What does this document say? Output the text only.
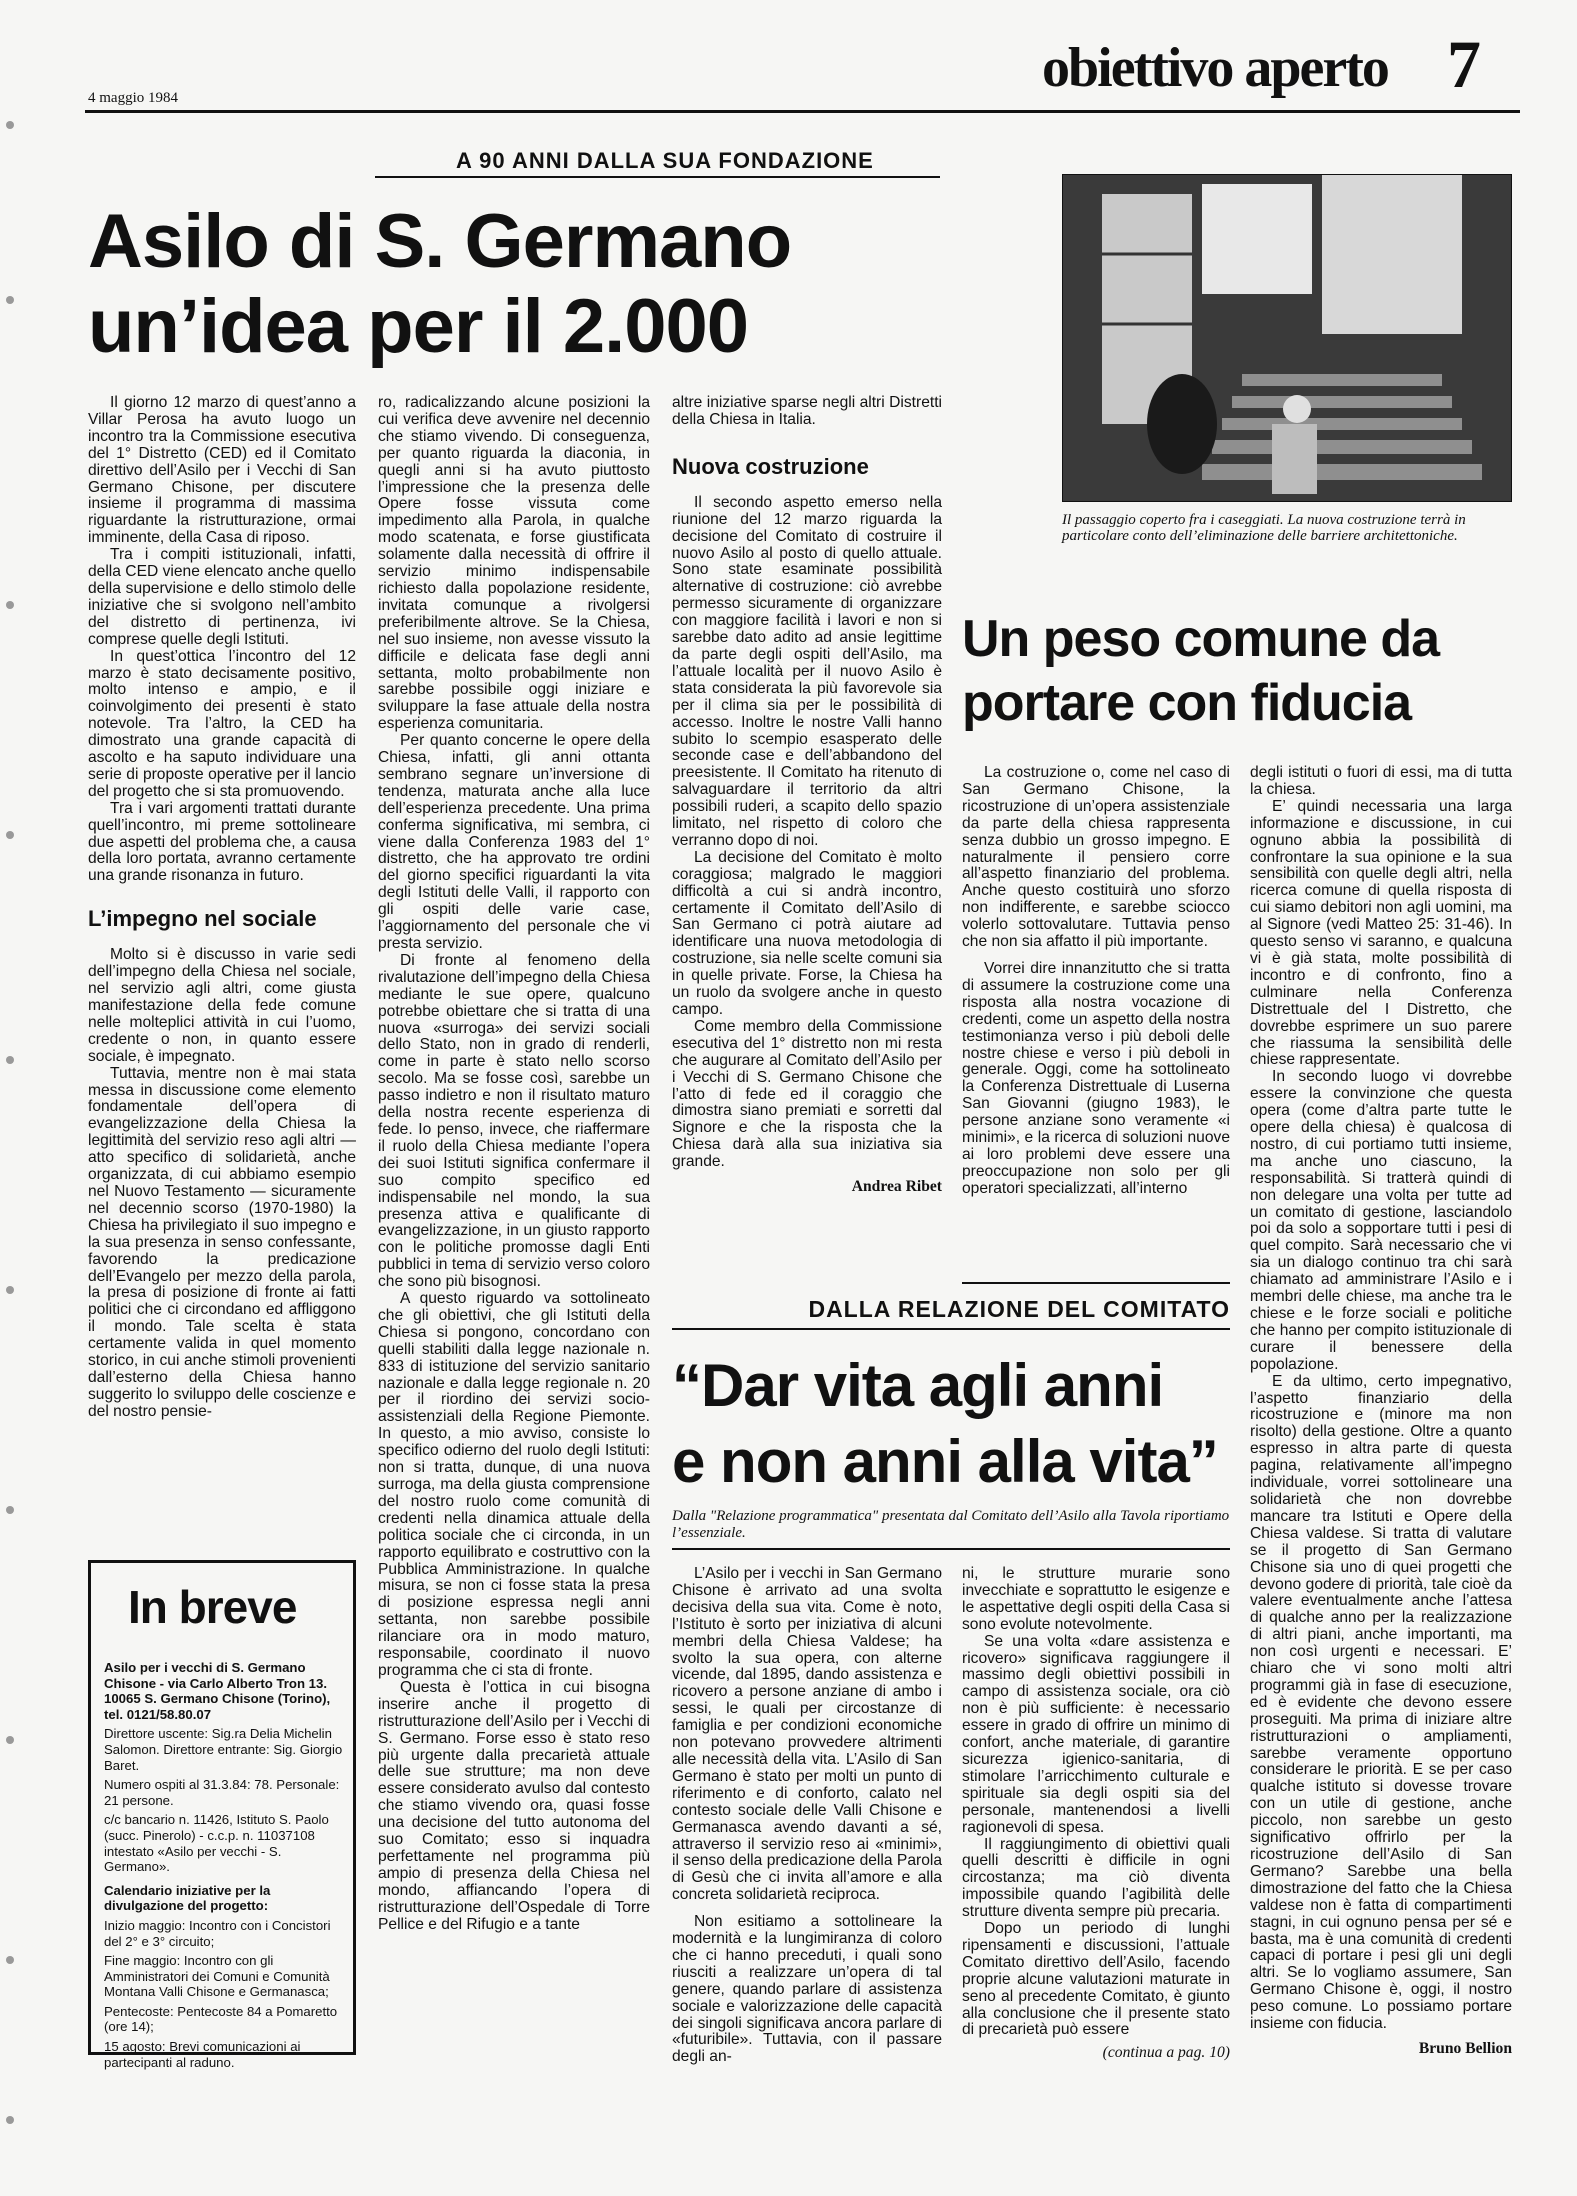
4 maggio 1984	obiettivo aperto 7
A 90 ANNI DALLA SUA FONDAZIONE
Asilo di S. Germano
un’idea per il 2.000

Il giorno 12 marzo di quest’anno a Villar Perosa ha avuto luogo un incontro tra la Commissione esecutiva del 1° Distretto (CED) ed il Comitato direttivo dell’Asilo per i Vecchi di San Germano Chisone, per discutere insieme il programma di massima riguardante la ristrutturazione, ormai imminente, della Casa di riposo.

Tra i compiti istituzionali, infatti, della CED viene elencato anche quello della supervisione e dello stimolo delle iniziative che si svolgono nell’ambito del distretto di pertinenza, ivi comprese quelle degli Istituti.

In quest’ottica l’incontro del 12 marzo è stato decisamente positivo, molto intenso e ampio, e il coinvolgimento dei presenti è stato notevole. Tra l’altro, la CED ha dimostrato una grande capacità di ascolto e ha saputo individuare una serie di proposte operative per il lancio del progetto che si sta promuovendo.

Tra i vari argomenti trattati durante quell’incontro, mi preme sottolineare due aspetti del problema che, a causa della loro portata, avranno certamente una grande risonanza in futuro.

L’impegno nel sociale

Molto si è discusso in varie sedi dell’impegno della Chiesa nel sociale, nel servizio agli altri, come giusta manifestazione della fede comune nelle molteplici attività in cui l’uomo, credente o non, in quanto essere sociale, è impegnato.

Tuttavia, mentre non è mai stata messa in discussione come elemento fondamentale dell’opera di evangelizzazione della Chiesa la legittimità del servizio reso agli altri — atto specifico di solidarietà, anche organizzata, di cui abbiamo esempio nel Nuovo Testamento — sicuramente nel decennio scorso (1970-1980) la Chiesa ha privilegiato il suo impegno e la sua presenza in senso confessante, favorendo la predicazione dell’Evangelo per mezzo della parola, la presa di posizione di fronte ai fatti politici che ci circondano ed affliggono il mondo. Tale scelta è stata certamente valida in quel momento storico, in cui anche stimoli provenienti dall’esterno della Chiesa hanno suggerito lo sviluppo delle coscienze e del nostro pensie-

ro, radicalizzando alcune posizioni la cui verifica deve avvenire nel decennio che stiamo vivendo. Di conseguenza, per quanto riguarda la diaconia, in quegli anni si ha avuto piuttosto l’impressione che la presenza delle Opere fosse vissuta come impedimento alla Parola, in qualche modo scatenata, e forse giustificata solamente dalla necessità di offrire il servizio minimo indispensabile richiesto dalla popolazione residente, invitata comunque a rivolgersi preferibilmente altrove. Se la Chiesa, nel suo insieme, non avesse vissuto la difficile e delicata fase degli anni settanta, molto probabilmente non sarebbe possibile oggi iniziare e sviluppare la fase attuale della nostra esperienza comunitaria.

Per quanto concerne le opere della Chiesa, infatti, gli anni ottanta sembrano segnare un’inversione di tendenza, maturata anche alla luce dell’esperienza precedente. Una prima conferma significativa, mi sembra, ci viene dalla Conferenza 1983 del 1° distretto, che ha approvato tre ordini del giorno specifici riguardanti la vita degli Istituti delle Valli, il rapporto con gli ospiti delle varie case, l’aggiornamento del personale che vi presta servizio.

Di fronte al fenomeno della rivalutazione dell’impegno della Chiesa mediante le sue opere, qualcuno potrebbe obiettare che si tratta di una nuova «surroga» dei servizi sociali dello Stato, non in grado di renderli, come in parte è stato nello scorso secolo. Ma se fosse così, sarebbe un passo indietro e non il risultato maturo della nostra recente esperienza di fede. Io penso, invece, che riaffermare il ruolo della Chiesa mediante l’opera dei suoi Istituti significa confermare il suo compito specifico ed indispensabile nel mondo, la sua presenza attiva e qualificante di evangelizzazione, in un giusto rapporto con le politiche promosse dagli Enti pubblici in tema di servizio verso coloro che sono più bisognosi.

A questo riguardo va sottolineato che gli obiettivi, che gli Istituti della Chiesa si pongono, concordano con quelli stabiliti dalla legge nazionale n. 833 di istituzione del servizio sanitario nazionale e dalla legge regionale n. 20 per il riordino dei servizi socio-assistenziali della Regione Piemonte. In questo, a mio avviso, consiste lo specifico odierno del ruolo degli Istituti: non si tratta, dunque, di una nuova surroga, ma della giusta comprensione del nostro ruolo come comunità di credenti nella dinamica attuale della politica sociale che ci circonda, in un rapporto equilibrato e costruttivo con la Pubblica Amministrazione. In qualche misura, se non ci fosse stata la presa di posizione espressa negli anni settanta, non sarebbe possibile rilanciare ora in modo maturo, responsabile, coordinato il nuovo programma che ci sta di fronte.

Questa è l’ottica in cui bisogna inserire anche il progetto di ristrutturazione dell’Asilo per i Vecchi di S. Germano. Forse esso è stato reso più urgente dalla precarietà attuale delle sue strutture; ma non deve essere considerato avulso dal contesto che stiamo vivendo ora, quasi fosse una decisione del tutto autonoma del suo Comitato; esso si inquadra perfettamente nel programma più ampio di presenza della Chiesa nel mondo, affiancando l’opera di ristrutturazione dell’Ospedale di Torre Pellice e del Rifugio e a tante

altre iniziative sparse negli altri Distretti della Chiesa in Italia.

Nuova costruzione

Il secondo aspetto emerso nella riunione del 12 marzo riguarda la decisione del Comitato di costruire il nuovo Asilo al posto di quello attuale. Sono state esaminate possibilità alternative di costruzione: ciò avrebbe permesso sicuramente di organizzare con maggiore facilità i lavori e non si sarebbe dato adito ad ansie legittime da parte degli ospiti dell’Asilo, ma l’attuale località per il nuovo Asilo è stata considerata la più favorevole sia per il clima sia per le possibilità di accesso. Inoltre le nostre Valli hanno subito lo scempio esasperato delle seconde case e dell’abbandono del preesistente. Il Comitato ha ritenuto di salvaguardare il territorio da altri possibili ruderi, a scapito dello spazio limitato, nel rispetto di coloro che verranno dopo di noi.

La decisione del Comitato è molto coraggiosa; malgrado le maggiori difficoltà a cui si andrà incontro, certamente il Comitato dell’Asilo di San Germano ci potrà aiutare ad identificare una nuova metodologia di costruzione, sia nelle scelte comuni sia in quelle private. Forse, la Chiesa ha un ruolo da svolgere anche in questo campo.

Come membro della Commissione esecutiva del 1° distretto non mi resta che augurare al Comitato dell’Asilo per i Vecchi di S. Germano Chisone che l’atto di fede ed il coraggio che dimostra siano premiati e sorretti dal Signore e che la risposta che la Chiesa darà alla sua iniziativa sia grande.

Andrea Ribet

In breve

Asilo per i vecchi di S. Germano Chisone - via Carlo Alberto Tron 13. 10065 S. Germano Chisone (Torino), tel. 0121/58.80.07

Direttore uscente: Sig.ra Delia Michelin Salomon. Direttore entrante: Sig. Giorgio Baret.

Numero ospiti al 31.3.84: 78. Personale: 21 persone.

c/c bancario n. 11426, Istituto S. Paolo (succ. Pinerolo) - c.c.p. n. 11037108 intestato «Asilo per vecchi - S. Germano».

Calendario iniziative per la divulgazione del progetto:

Inizio maggio: Incontro con i Concistori del 2° e 3° circuito;

Fine maggio: Incontro con gli Amministratori dei Comuni e Comunità Montana Valli Chisone e Germanasca;

Pentecoste: Pentecoste 84 a Pomaretto (ore 14);

15 agosto: Brevi comunicazioni ai partecipanti al raduno.

Il passaggio coperto fra i caseggiati. La nuova costruzione terrà in particolare conto dell’eliminazione delle barriere architettoniche.
Un peso comune da
portare con fiducia

La costruzione o, come nel caso di San Germano Chisone, la ricostruzione di un’opera assistenziale da parte della chiesa rappresenta senza dubbio un grosso impegno. E naturalmente il pensiero corre all’aspetto finanziario del problema. Anche questo costituirà uno sforzo non indifferente, e sarebbe sciocco volerlo sottovalutare. Tuttavia penso che non sia affatto il più importante.

Vorrei dire innanzitutto che si tratta di assumere la costruzione come una risposta alla nostra vocazione di credenti, come un aspetto della nostra testimonianza verso i più deboli delle nostre chiese e verso i più deboli in generale. Oggi, come ha sottolineato la Conferenza Distrettuale di Luserna San Giovanni (giugno 1983), le persone anziane sono veramente «i minimi», e la ricerca di soluzioni nuove ai loro problemi deve essere una preoccupazione non solo per gli operatori specializzati, all’interno

degli istituti o fuori di essi, ma di tutta la chiesa.

E’ quindi necessaria una larga informazione e discussione, in cui ognuno abbia la possibilità di confrontare la sua opinione e la sua sensibilità con quelle degli altri, nella ricerca comune di quella risposta di cui siamo debitori non agli uomini, ma al Signore (vedi Matteo 25: 31-46). In questo senso vi saranno, e qualcuna vi è già stata, molte possibilità di incontro e di confronto, fino a culminare nella Conferenza Distrettuale del I Distretto, che dovrebbe esprimere un suo parere che riassuma la sensibilità delle chiese rappresentate.

In secondo luogo vi dovrebbe essere la convinzione che questa opera (come d’altra parte tutte le opere della chiesa) è qualcosa di nostro, di cui portiamo tutti insieme, ma anche uno ciascuno, la responsabilità. Si tratterà quindi di non delegare una volta per tutte ad un comitato di gestione, lasciandolo poi da solo a sopportare tutti i pesi di quel compito. Sarà necessario che vi sia un dialogo continuo tra chi sarà chiamato ad amministrare l’Asilo e i membri delle chiese, ma anche tra le chiese e le forze sociali e politiche che hanno per compito istituzionale di curare il benessere della popolazione.

E da ultimo, certo impegnativo, l’aspetto finanziario della ricostruzione e (minore ma non risolto) della gestione. Oltre a quanto espresso in altra parte di questa pagina, relativamente all’impegno individuale, vorrei sottolineare una solidarietà che non dovrebbe mancare tra Istituti e Opere della Chiesa valdese. Si tratta di valutare se il progetto di San Germano Chisone sia uno di quei progetti che devono godere di priorità, tale cioè da valere eventualmente anche l’attesa di qualche anno per la realizzazione di altri piani, anche importanti, ma non così urgenti e necessari. E’ chiaro che vi sono molti altri programmi già in fase di esecuzione, ed è evidente che devono essere proseguiti. Ma prima di iniziare altre ristrutturazioni o ampliamenti, sarebbe veramente opportuno considerare le priorità. E se per caso qualche istituto si dovesse trovare con un utile di gestione, anche piccolo, non sarebbe un gesto significativo offrirlo per la ricostruzione dell’Asilo di San Germano? Sarebbe una bella dimostrazione del fatto che la Chiesa valdese non è fatta di compartimenti stagni, in cui ognuno pensa per sé e basta, ma è una comunità di credenti capaci di portare i pesi gli uni degli altri. Se lo vogliamo assumere, San Germano Chisone è, oggi, il nostro peso comune. Lo possiamo portare insieme con fiducia.

Bruno Bellion

DALLA RELAZIONE DEL COMITATO
“Dar vita agli anni
e non anni alla vita”
Dalla "Relazione programmatica" presentata dal Comitato dell’Asilo alla Tavola riportiamo l’essenziale.

L’Asilo per i vecchi in San Germano Chisone è arrivato ad una svolta decisiva della sua vita. Come è noto, l’Istituto è sorto per iniziativa di alcuni membri della Chiesa Valdese; ha svolto la sua opera, con alterne vicende, dal 1895, dando assistenza e ricovero a persone anziane di ambo i sessi, le quali per circostanze di famiglia e per condizioni economiche non potevano provvedere altrimenti alle necessità della vita. L’Asilo di San Germano è stato per molti un punto di riferimento e di conforto, calato nel contesto sociale delle Valli Chisone e Germanasca avendo davanti a sé, attraverso il servizio reso ai «minimi», il senso della predicazione della Parola di Gesù che ci invita all’amore e alla concreta solidarietà reciproca.

Non esitiamo a sottolineare la modernità e la lungimiranza di coloro che ci hanno preceduti, i quali sono riusciti a realizzare un’opera di tal genere, quando parlare di assistenza sociale e valorizzazione delle capacità dei singoli significava ancora parlare di «futuribile». Tuttavia, con il passare degli an-

ni, le strutture murarie sono invecchiate e soprattutto le esigenze e le aspettative degli ospiti della Casa si sono evolute notevolmente.

Se una volta «dare assistenza e ricovero» significava raggiungere il massimo degli obiettivi possibili in campo di assistenza sociale, ora ciò non è più sufficiente: è necessario essere in grado di offrire un minimo di confort, anche materiale, di garantire sicurezza igienico-sanitaria, di stimolare l’arricchimento culturale e spirituale sia degli ospiti sia del personale, mantenendosi a livelli ragionevoli di spesa.

Il raggiungimento di obiettivi quali quelli descritti è difficile in ogni circostanza; ma ciò diventa impossibile quando l’agibilità delle strutture diventa sempre più precaria.

Dopo un periodo di lunghi ripensamenti e discussioni, l’attuale Comitato direttivo dell’Asilo, facendo proprie alcune valutazioni maturate in seno al precedente Comitato, è giunto alla conclusione che il presente stato di precarietà può essere

(continua a pag. 10)
